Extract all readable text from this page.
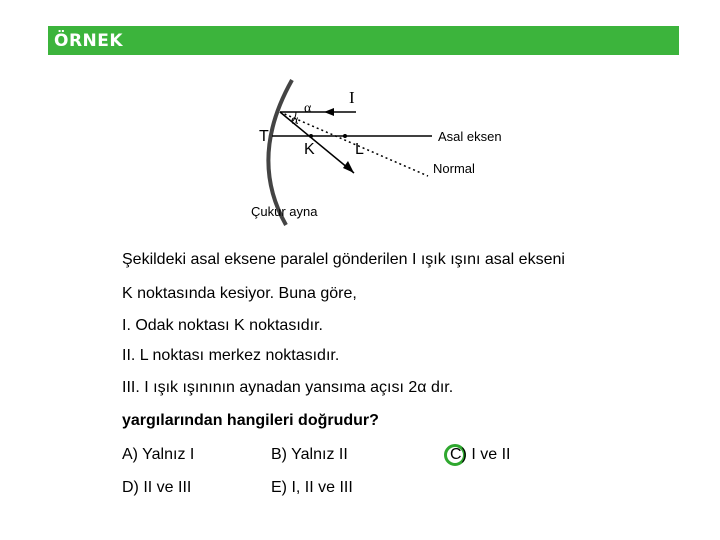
ÖRNEK
I
α
α
T
K	L
Asal eksen
Normal
Çukur ayna
Şekildeki asal eksene paralel gönderilen I ışık ışını asal ekseni
K noktasında kesiyor. Buna göre,
I. Odak noktası K noktasıdır.
II. L noktası merkez noktasıdır.
III. I ışık ışınının aynadan yansıma açısı 2α dır.
yargılarından hangileri doğrudur?
A) Yalnız I	B) Yalnız II	C) I ve II
D) II ve III	E) I, II ve III
